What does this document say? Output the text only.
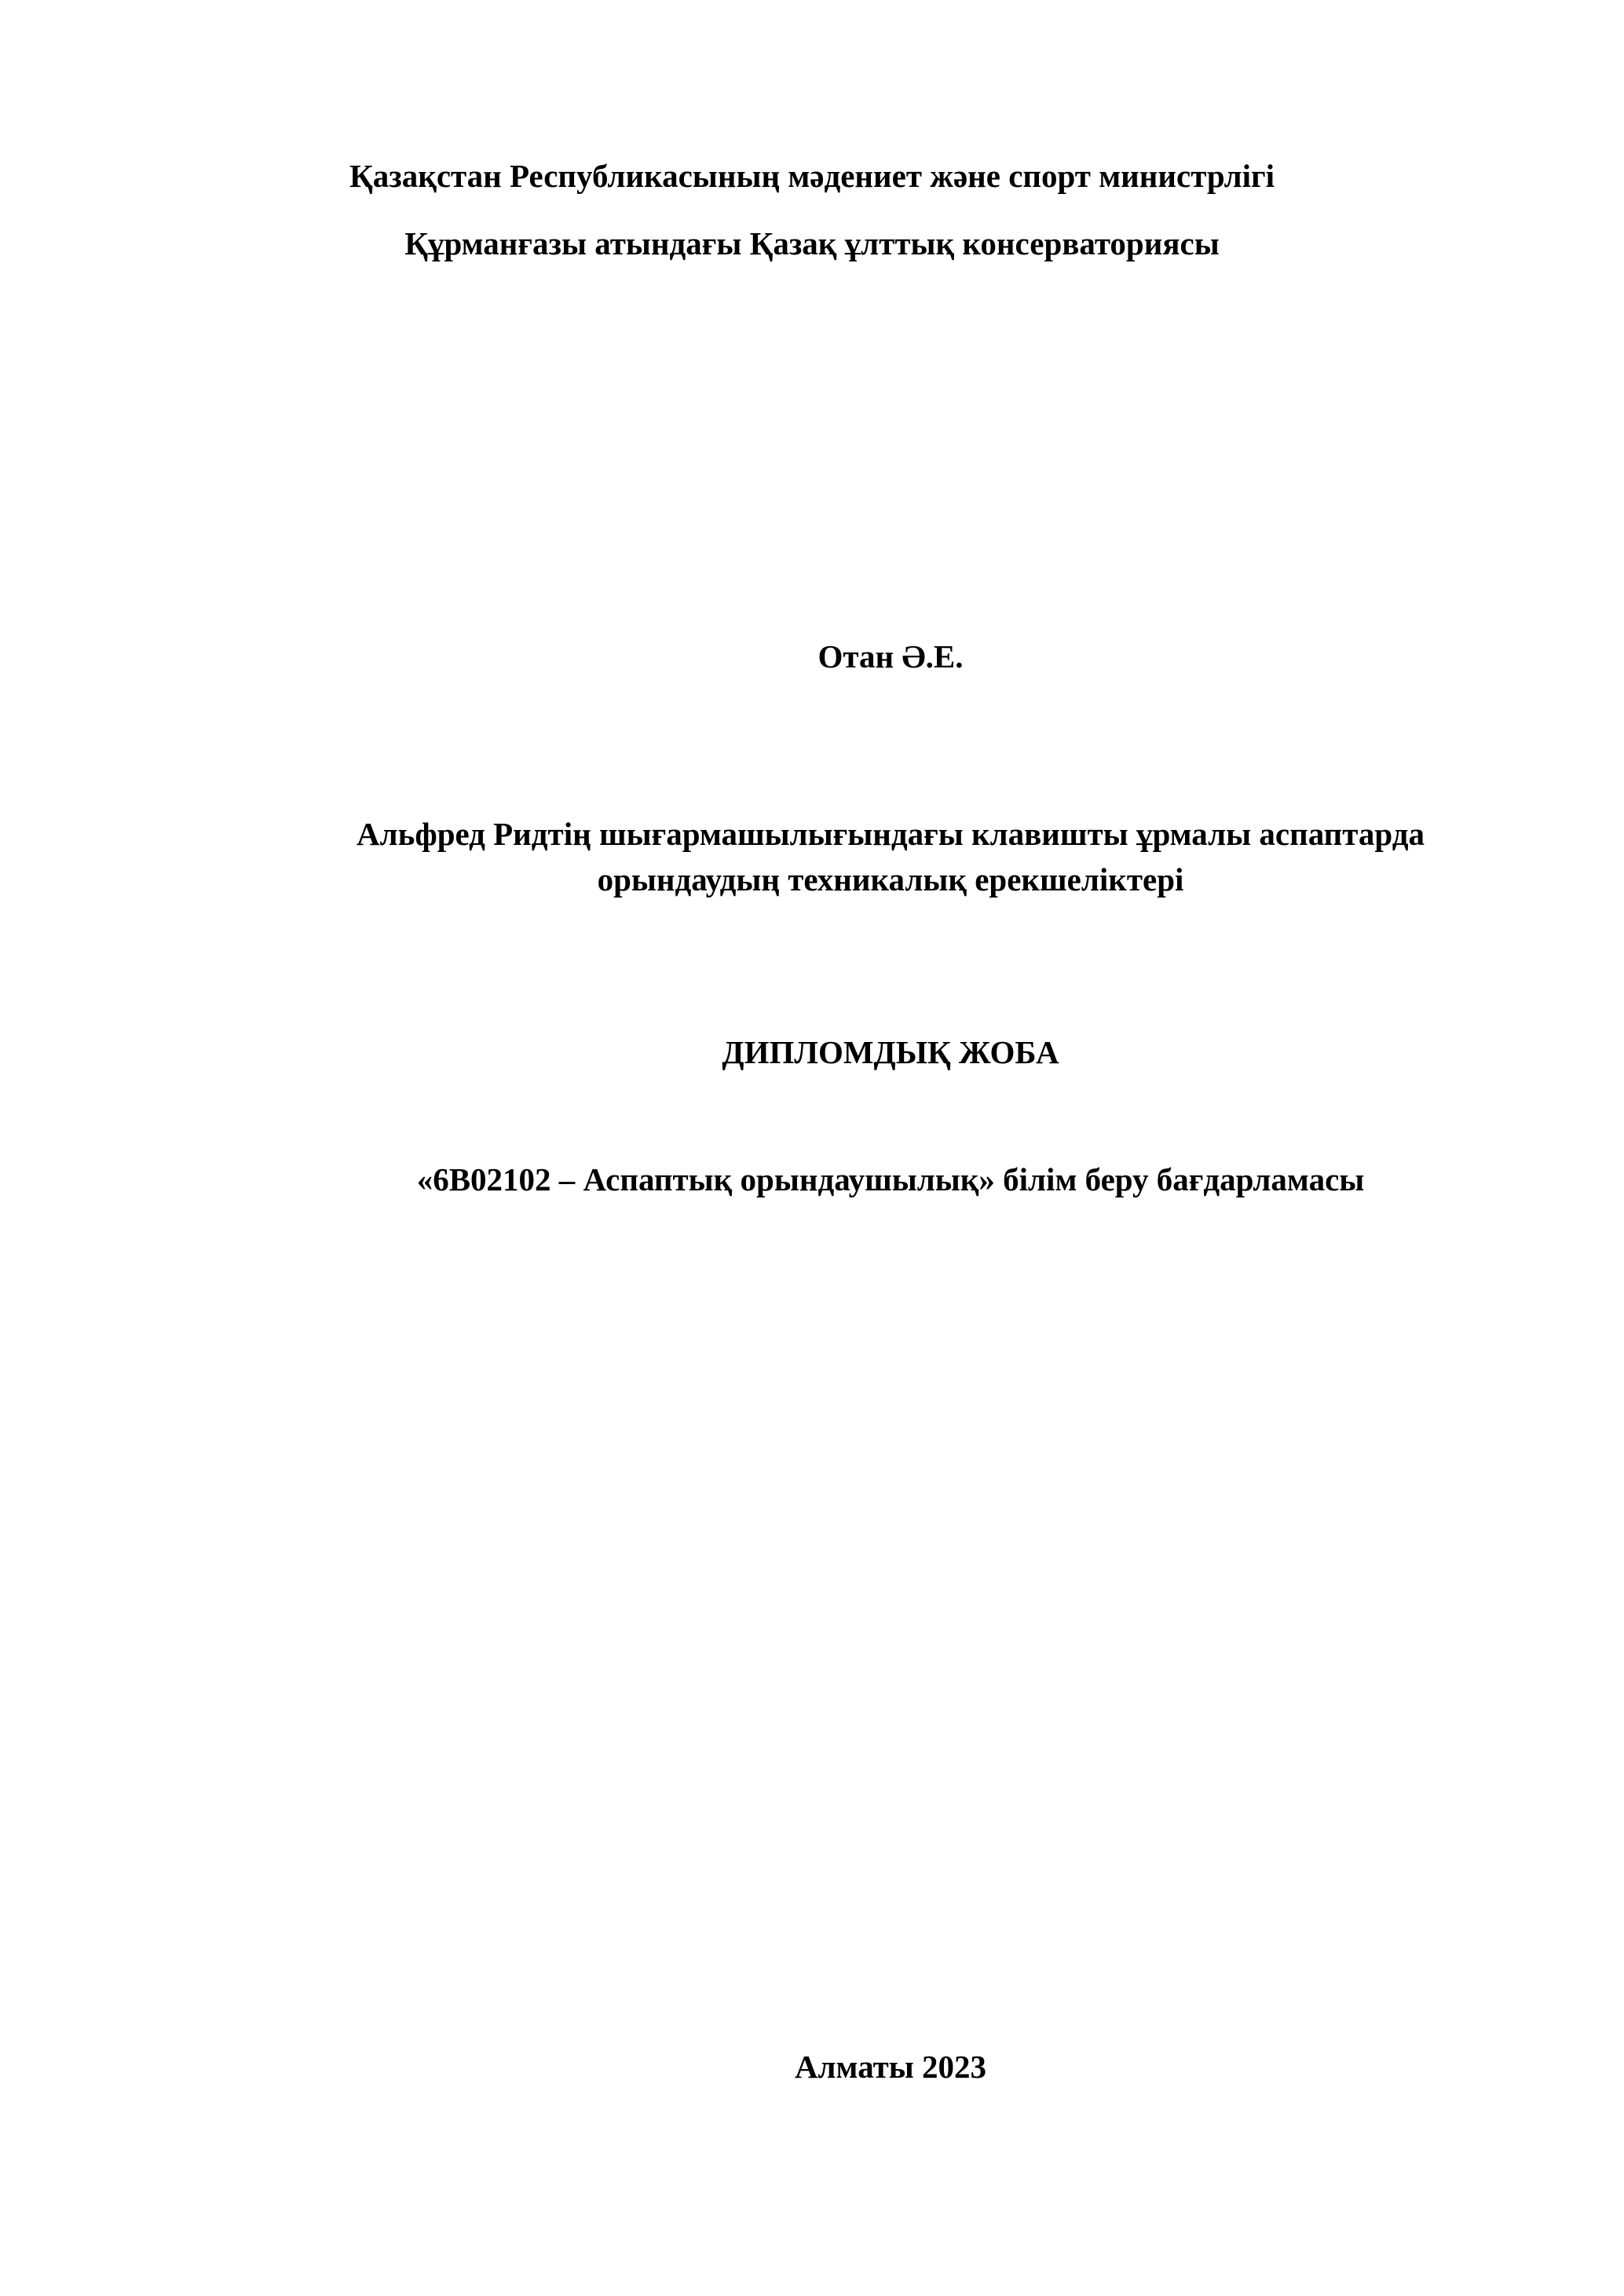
Қазақстан Республикасының мәдениет және спорт министрлігі
Құрманғазы атындағы Қазақ ұлттық консерваториясы
Отан Ә.Е.
Альфред Ридтің шығармашылығындағы клавишты ұрмалы аспаптарда
орындаудың техникалық ерекшеліктері
ДИПЛОМДЫҚ ЖОБА
«6В02102 – Аспаптық орындаушылық» білім беру бағдарламасы
Алматы 2023
